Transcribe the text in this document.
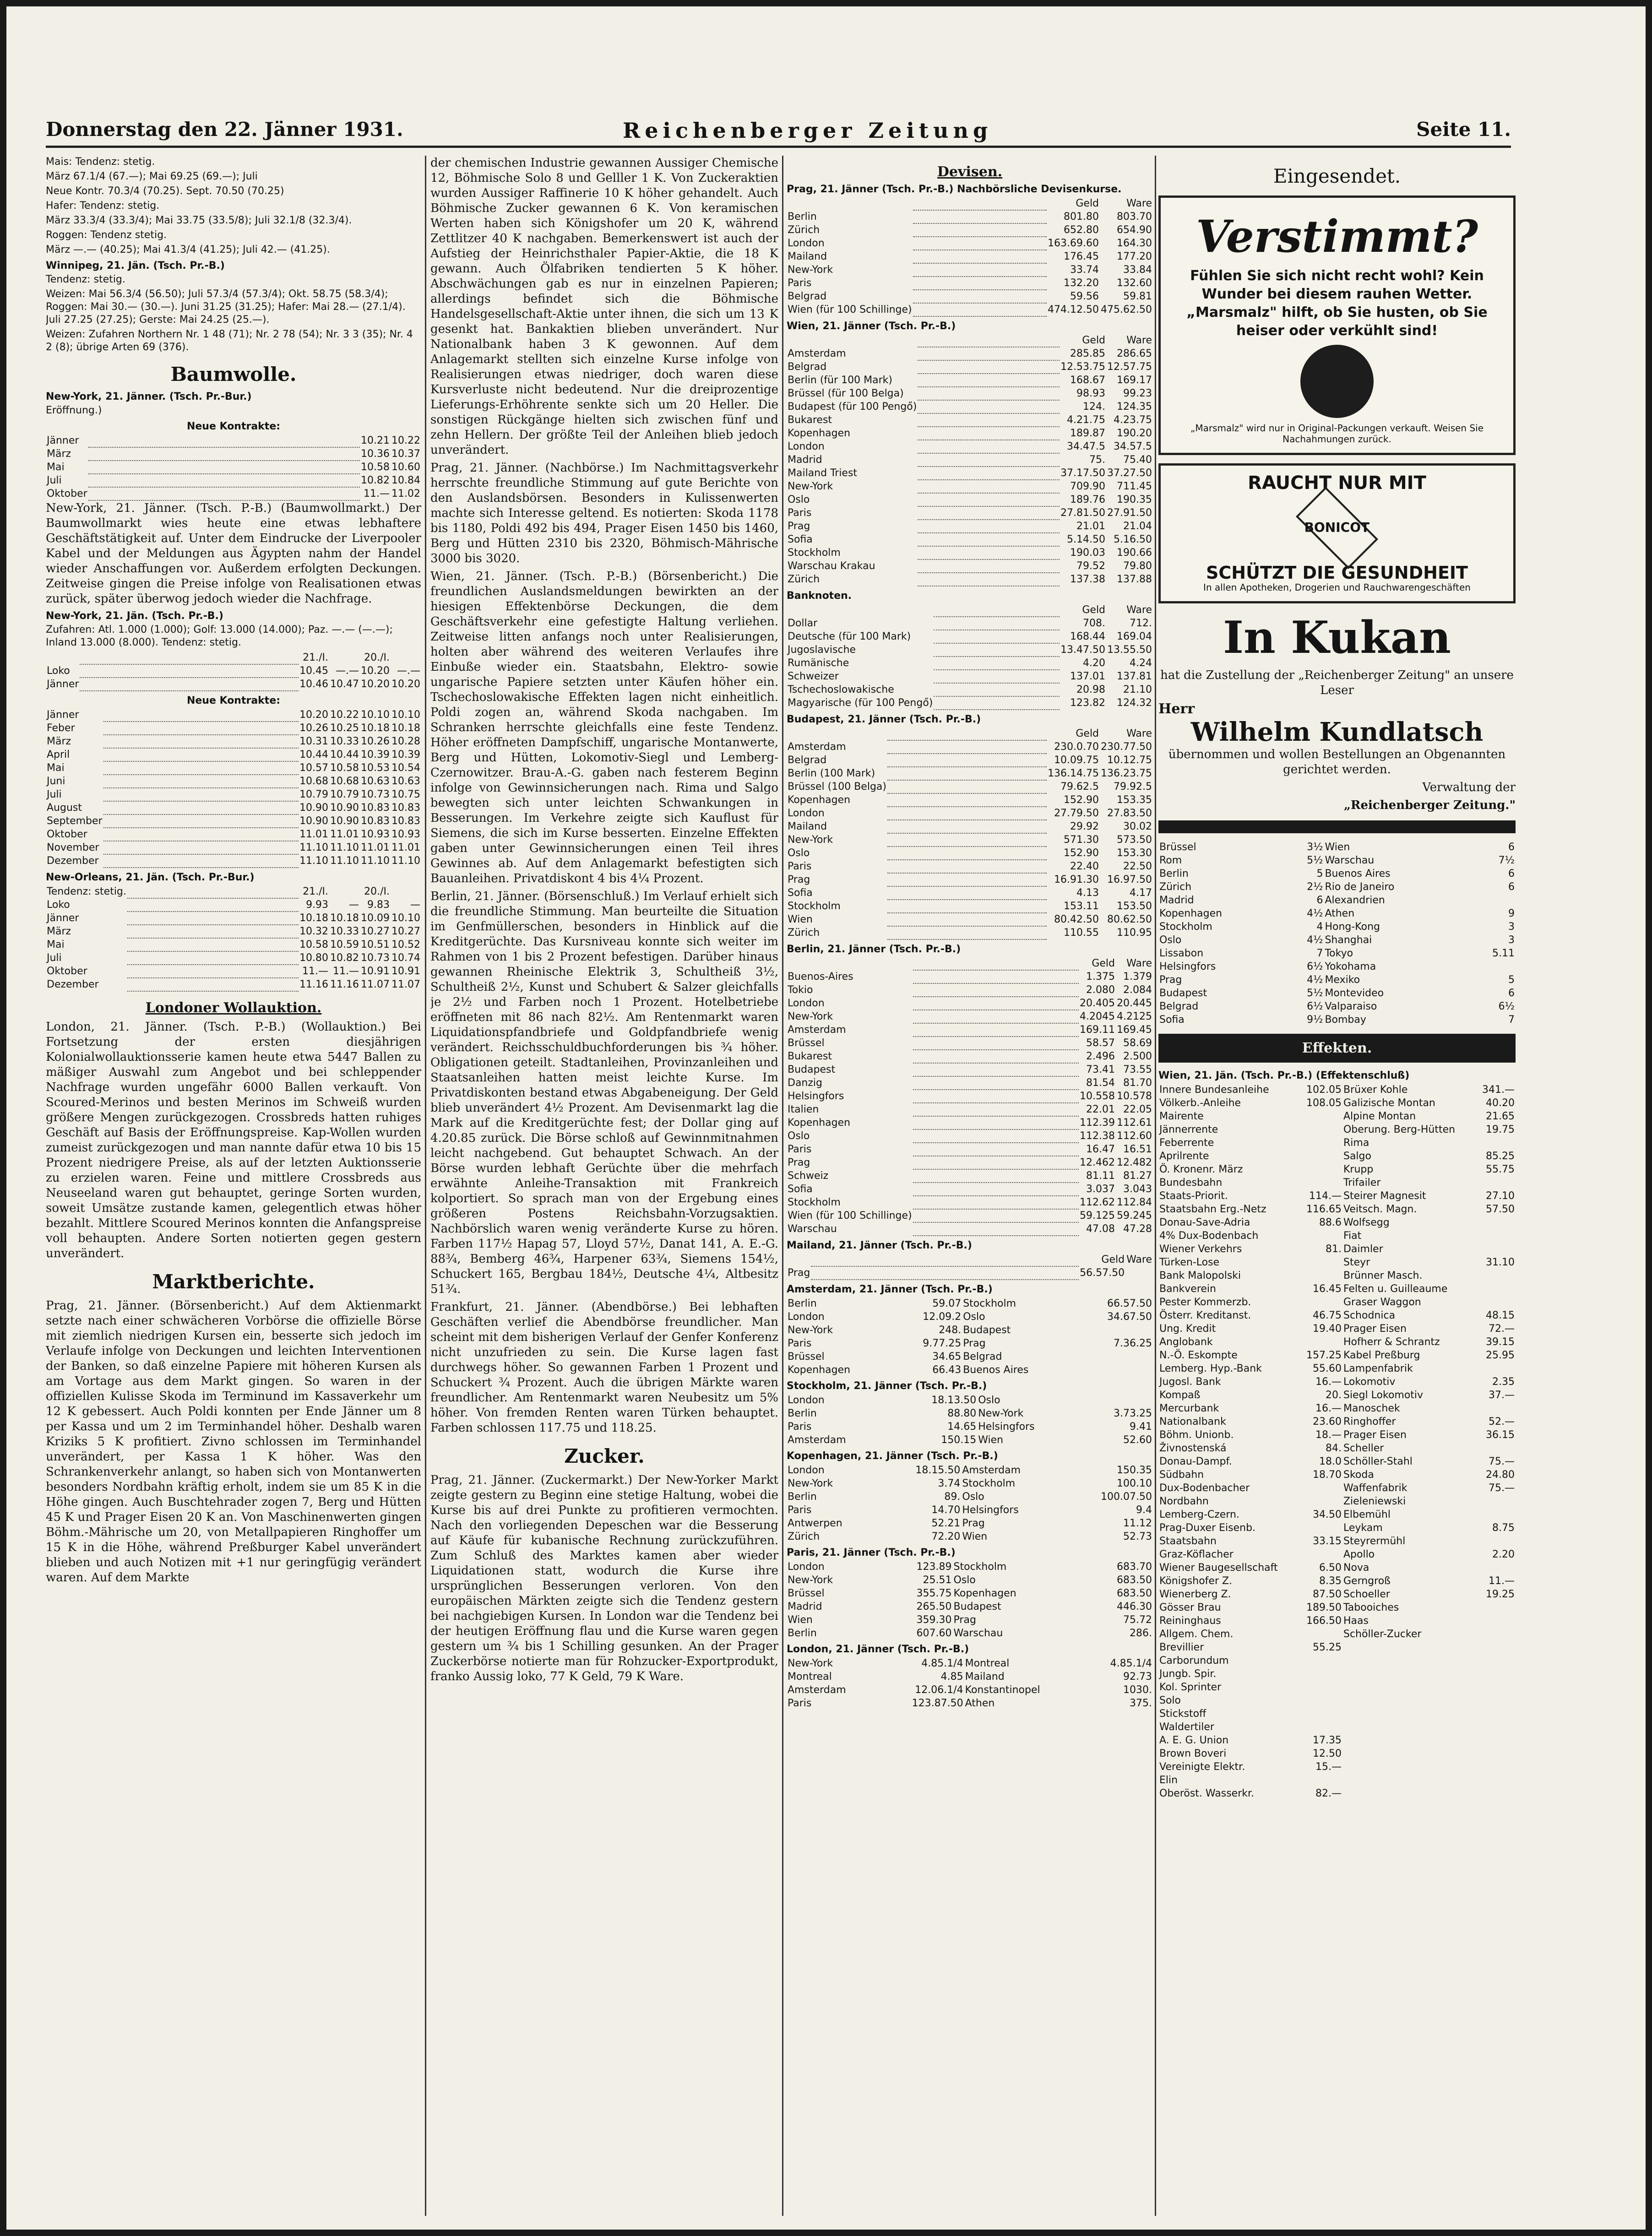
Donnerstag den 22. Jänner 1931.	Reichenberger Zeitung	Seite 11.
Mais: Tendenz: stetig.
März 67.1/4 (67.—); Mai 69.25 (69.—); Juli
Neue Kontr. 70.3/4 (70.25). Sept. 70.50 (70.25)
Hafer: Tendenz: stetig.
März 33.3/4 (33.3/4); Mai 33.75 (33.5/8); Juli 32.1/8 (32.3/4).
Roggen: Tendenz stetig.
März —.— (40.25); Mai 41.3/4 (41.25); Juli 42.— (41.25).
Winnipeg, 21. Jän. (Tsch. Pr.-B.)
Tendenz: stetig.
Weizen: Mai 56.3/4 (56.50); Juli 57.3/4 (57.3/4); Okt. 58.75 (58.3/4); Roggen: Mai 30.— (30.—). Juni 31.25 (31.25); Hafer: Mai 28.— (27.1/4). Juli 27.25 (27.25); Gerste: Mai 24.25 (25.—).
Weizen: Zufahren Northern Nr. 1 48 (71); Nr. 2 78 (54); Nr. 3 3 (35); Nr. 4 2 (8); übrige Arten 69 (376).
Baumwolle.
New-York, 21. Jänner. (Tsch. Pr.-Bur.)
Eröffnung.)
Neue Kontrakte:
Jänner		10.21	10.22
März		10.36	10.37
Mai		10.58	10.60
Juli		10.82	10.84
Oktober		11.—	11.02

New-York, 21. Jänner. (Tsch. P.-B.) (Baumwollmarkt.) Der Baumwollmarkt wies heute eine etwas lebhaftere Geschäftstätigkeit auf. Unter dem Eindrucke der Liverpooler Kabel und der Meldungen aus Ägypten nahm der Handel wieder Anschaffungen vor. Außerdem erfolgten Deckungen. Zeitweise gingen die Preise infolge von Realisationen etwas zurück, später überwog jedoch wieder die Nachfrage.

New-York, 21. Jän. (Tsch. Pr.-B.)
Zufahren: Atl. 1.000 (1.000); Golf: 13.000 (14.000); Paz. —.— (—.—); Inland 13.000 (8.000). Tendenz: stetig.
		21./I.		20./I.	
Loko		10.45	—.—	10.20	—.—
Jänner		10.46	10.47	10.20	10.20
Neue Kontrakte:
Jänner		10.20	10.22	10.10	10.10
Feber		10.26	10.25	10.18	10.18
März		10.31	10.33	10.26	10.28
April		10.44	10.44	10.39	10.39
Mai		10.57	10.58	10.53	10.54
Juni		10.68	10.68	10.63	10.63
Juli		10.79	10.79	10.73	10.75
August		10.90	10.90	10.83	10.83
September		10.90	10.90	10.83	10.83
Oktober		11.01	11.01	10.93	10.93
November		11.10	11.10	11.01	11.01
Dezember		11.10	11.10	11.10	11.10
New-Orleans, 21. Jän. (Tsch. Pr.-Bur.)
Tendenz: stetig.		21./I.		20./I.	
Loko		9.93	—	9.83	—
Jänner		10.18	10.18	10.09	10.10
März		10.32	10.33	10.27	10.27
Mai		10.58	10.59	10.51	10.52
Juli		10.80	10.82	10.73	10.74
Oktober		11.—	11.—	10.91	10.91
Dezember		11.16	11.16	11.07	11.07
Londoner Wollauktion.

London, 21. Jänner. (Tsch. P.-B.) (Wollauktion.) Bei Fortsetzung der ersten diesjährigen Kolonialwollauktionsserie kamen heute etwa 5447 Ballen zu mäßiger Auswahl zum Angebot und bei schleppender Nachfrage wurden ungefähr 6000 Ballen verkauft. Von Scoured-Merinos und besten Merinos im Schweiß wurden größere Mengen zurückgezogen. Crossbreds hatten ruhiges Geschäft auf Basis der Eröffnungspreise. Kap-Wollen wurden zumeist zurückgezogen und man nannte dafür etwa 10 bis 15 Prozent niedrigere Preise, als auf der letzten Auktionsserie zu erzielen waren. Feine und mittlere Crossbreds aus Neuseeland waren gut behauptet, geringe Sorten wurden, soweit Umsätze zustande kamen, gelegentlich etwas höher bezahlt. Mittlere Scoured Merinos konnten die Anfangspreise voll behaupten. Andere Sorten notierten gegen gestern unverändert.

Marktberichte.

Prag, 21. Jänner. (Börsenbericht.) Auf dem Aktienmarkt setzte nach einer schwächeren Vorbörse die offizielle Börse mit ziemlich niedrigen Kursen ein, besserte sich jedoch im Verlaufe infolge von Deckungen und leichten Interventionen der Banken, so daß einzelne Papiere mit höheren Kursen als am Vortage aus dem Markt gingen. So waren in der offiziellen Kulisse Skoda im Terminund im Kassaverkehr um 12 K gebessert. Auch Poldi konnten per Ende Jänner um 8 per Kassa und um 2 im Terminhandel höher. Deshalb waren Kriziks 5 K profitiert. Zivno schlossen im Terminhandel unverändert, per Kassa 1 K höher. Was den Schrankenverkehr anlangt, so haben sich von Montanwerten besonders Nordbahn kräftig erholt, indem sie um 85 K in die Höhe gingen. Auch Buschtehrader zogen 7, Berg und Hütten 45 K und Prager Eisen 20 K an. Von Maschinenwerten gingen Böhm.-Mährische um 20, von Metallpapieren Ringhoffer um 15 K in die Höhe, während Preßburger Kabel unverändert blieben und auch Notizen mit +1 nur geringfügig verändert waren. Auf dem Markte

der chemischen Industrie gewannen Aussiger Chemische 12, Böhmische Solo 8 und Gelller 1 K. Von Zuckeraktien wurden Aussiger Raffinerie 10 K höher gehandelt. Auch Böhmische Zucker gewannen 6 K. Von keramischen Werten haben sich Königshofer um 20 K, während Zettlitzer 40 K nachgaben. Bemerkenswert ist auch der Aufstieg der Heinrichsthaler Papier-Aktie, die 18 K gewann. Auch Ölfabriken tendierten 5 K höher. Abschwächungen gab es nur in einzelnen Papieren; allerdings befindet sich die Böhmische Handelsgesellschaft-Aktie unter ihnen, die sich um 13 K gesenkt hat. Bankaktien blieben unverändert. Nur Nationalbank haben 3 K gewonnen. Auf dem Anlagemarkt stellten sich einzelne Kurse infolge von Realisierungen etwas niedriger, doch waren diese Kursverluste nicht bedeutend. Nur die dreiprozentige Lieferungs-Erhöhrente senkte sich um 20 Heller. Die sonstigen Rückgänge hielten sich zwischen fünf und zehn Hellern. Der größte Teil der Anleihen blieb jedoch unverändert.

Prag, 21. Jänner. (Nachbörse.) Im Nachmittagsverkehr herrschte freundliche Stimmung auf gute Berichte von den Auslandsbörsen. Besonders in Kulissenwerten machte sich Interesse geltend. Es notierten: Skoda 1178 bis 1180, Poldi 492 bis 494, Prager Eisen 1450 bis 1460, Berg und Hütten 2310 bis 2320, Böhmisch-Mährische 3000 bis 3020.

Wien, 21. Jänner. (Tsch. P.-B.) (Börsenbericht.) Die freundlichen Auslandsmeldungen bewirkten an der hiesigen Effektenbörse Deckungen, die dem Geschäftsverkehr eine gefestigte Haltung verliehen. Zeitweise litten anfangs noch unter Realisierungen, holten aber während des weiteren Verlaufes ihre Einbuße wieder ein. Staatsbahn, Elektro- sowie ungarische Papiere setzten unter Käufen höher ein. Tschechoslowakische Effekten lagen nicht einheitlich. Poldi zogen an, während Skoda nachgaben. Im Schranken herrschte gleichfalls eine feste Tendenz. Höher eröffneten Dampfschiff, ungarische Montanwerte, Berg und Hütten, Lokomotiv-Siegl und Lemberg-Czernowitzer. Brau-A.-G. gaben nach festerem Beginn infolge von Gewinnsicherungen nach. Rima und Salgo bewegten sich unter leichten Schwankungen in Besserungen. Im Verkehre zeigte sich Kauflust für Siemens, die sich im Kurse besserten. Einzelne Effekten gaben unter Gewinnsicherungen einen Teil ihres Gewinnes ab. Auf dem Anlagemarkt befestigten sich Bauanleihen. Privatdiskont 4 bis 4¼ Prozent.

Berlin, 21. Jänner. (Börsenschluß.) Im Verlauf erhielt sich die freundliche Stimmung. Man beurteilte die Situation im Genfmüllerschen, besonders in Hinblick auf die Kreditgerüchte. Das Kursniveau konnte sich weiter im Rahmen von 1 bis 2 Prozent befestigen. Darüber hinaus gewannen Rheinische Elektrik 3, Schultheiß 3½, Schultheiß 2½, Kunst und Schubert & Salzer gleichfalls je 2½ und Farben noch 1 Prozent. Hotelbetriebe eröffneten mit 86 nach 82½. Am Rentenmarkt waren Liquidationspfandbriefe und Goldpfandbriefe wenig verändert. Reichsschuldbuchforderungen bis ¾ höher. Obligationen geteilt. Stadtanleihen, Provinzanleihen und Staatsanleihen hatten meist leichte Kurse. Im Privatdiskonten bestand etwas Abgabeneigung. Der Geld blieb unverändert 4½ Prozent. Am Devisenmarkt lag die Mark auf die Kreditgerüchte fest; der Dollar ging auf 4.20.85 zurück. Die Börse schloß auf Gewinnmitnahmen leicht nachgebend. Gut behauptet Schwach. An der Börse wurden lebhaft Gerüchte über die mehrfach erwähnte Anleihe-Transaktion mit Frankreich kolportiert. So sprach man von der Ergebung eines größeren Postens Reichsbahn-Vorzugsaktien. Nachbörslich waren wenig veränderte Kurse zu hören. Farben 117½ Hapag 57, Lloyd 57½, Danat 141, A. E.-G. 88¾, Bemberg 46¾, Harpener 63¾, Siemens 154½, Schuckert 165, Bergbau 184½, Deutsche 4¼, Altbesitz 51¾.

Frankfurt, 21. Jänner. (Abendbörse.) Bei lebhaften Geschäften verlief die Abendbörse freundlicher. Man scheint mit dem bisherigen Verlauf der Genfer Konferenz nicht unzufrieden zu sein. Die Kurse lagen fast durchwegs höher. So gewannen Farben 1 Prozent und Schuckert ¾ Prozent. Auch die übrigen Märkte waren freundlicher. Am Rentenmarkt waren Neubesitz um 5% höher. Von fremden Renten waren Türken behauptet. Farben schlossen 117.75 und 118.25.

Zucker.

Prag, 21. Jänner. (Zuckermarkt.) Der New-Yorker Markt zeigte gestern zu Beginn eine stetige Haltung, wobei die Kurse bis auf drei Punkte zu profitieren vermochten. Nach den vorliegenden Depeschen war die Besserung auf Käufe für kubanische Rechnung zurückzuführen. Zum Schluß des Marktes kamen aber wieder Liquidationen statt, wodurch die Kurse ihre ursprünglichen Besserungen verloren. Von den europäischen Märkten zeigte sich die Tendenz gestern bei nachgiebigen Kursen. In London war die Tendenz bei der heutigen Eröffnung flau und die Kurse waren gegen gestern um ¾ bis 1 Schilling gesunken. An der Prager Zuckerbörse notierte man für Rohzucker-Exportprodukt, franko Aussig loko, 77 K Geld, 79 K Ware.

Devisen.
Prag, 21. Jänner (Tsch. Pr.-B.) Nachbörsliche Devisenkurse.
		Geld	Ware
Berlin		801.80	803.70
Zürich		652.80	654.90
London		163.69.60	164.30
Mailand		176.45	177.20
New-York		33.74	33.84
Paris		132.20	132.60
Belgrad		59.56	59.81
Wien (für 100 Schillinge)		474.12.50	475.62.50
Wien, 21. Jänner (Tsch. Pr.-B.)
		Geld	Ware
Amsterdam		285.85	286.65
Belgrad		12.53.75	12.57.75
Berlin (für 100 Mark)		168.67	169.17
Brüssel (für 100 Belga)		98.93	99.23
Budapest (für 100 Pengő)		124.	124.35
Bukarest		4.21.75	4.23.75
Kopenhagen		189.87	190.20
London		34.47.5	34.57.5
Madrid		75.	75.40
Mailand Triest		37.17.50	37.27.50
New-York		709.90	711.45
Oslo		189.76	190.35
Paris		27.81.50	27.91.50
Prag		21.01	21.04
Sofia		5.14.50	5.16.50
Stockholm		190.03	190.66
Warschau Krakau		79.52	79.80
Zürich		137.38	137.88
Banknoten.
		Geld	Ware
Dollar		708.	712.
Deutsche (für 100 Mark)		168.44	169.04
Jugoslavische		13.47.50	13.55.50
Rumänische		4.20	4.24
Schweizer		137.01	137.81
Tschechoslowakische		20.98	21.10
Magyarische (für 100 Pengő)		123.82	124.32
Budapest, 21. Jänner (Tsch. Pr.-B.)
		Geld	Ware
Amsterdam		230.0.70	230.77.50
Belgrad		10.09.75	10.12.75
Berlin (100 Mark)		136.14.75	136.23.75
Brüssel (100 Belga)		79.62.5	79.92.5
Kopenhagen		152.90	153.35
London		27.79.50	27.83.50
Mailand		29.92	30.02
New-York		571.30	573.50
Oslo		152.90	153.30
Paris		22.40	22.50
Prag		16.91.30	16.97.50
Sofia		4.13	4.17
Stockholm		153.11	153.50
Wien		80.42.50	80.62.50
Zürich		110.55	110.95
Berlin, 21. Jänner (Tsch. Pr.-B.)
		Geld	Ware
Buenos-Aires		1.375	1.379
Tokio		2.080	2.084
London		20.405	20.445
New-York		4.2045	4.2125
Amsterdam		169.11	169.45
Brüssel		58.57	58.69
Bukarest		2.496	2.500
Budapest		73.41	73.55
Danzig		81.54	81.70
Helsingfors		10.558	10.578
Italien		22.01	22.05
Kopenhagen		112.39	112.61
Oslo		112.38	112.60
Paris		16.47	16.51
Prag		12.462	12.482
Schweiz		81.11	81.27
Sofia		3.037	3.043
Stockholm		112.62	112.84
Wien (für 100 Schillinge)		59.125	59.245
Warschau		47.08	47.28
Mailand, 21. Jänner (Tsch. Pr.-B.)
		Geld	Ware
Prag		56.57.50	
Amsterdam, 21. Jänner (Tsch. Pr.-B.)
Berlin	59.07	Stockholm	66.57.50
London	12.09.2	Oslo	34.67.50
New-York	248.	Budapest	
Paris	9.77.25	Prag	7.36.25
Brüssel	34.65	Belgrad	
Kopenhagen	66.43	Buenos Aires	
Stockholm, 21. Jänner (Tsch. Pr.-B.)
London	18.13.50	Oslo	
Berlin	88.80	New-York	3.73.25
Paris	14.65	Helsingfors	9.41
Amsterdam	150.15	Wien	52.60
Kopenhagen, 21. Jänner (Tsch. Pr.-B.)
London	18.15.50	Amsterdam	150.35
New-York	3.74	Stockholm	100.10
Berlin	89.	Oslo	100.07.50
Paris	14.70	Helsingfors	9.4
Antwerpen	52.21	Prag	11.12
Zürich	72.20	Wien	52.73
Paris, 21. Jänner (Tsch. Pr.-B.)
London	123.89	Stockholm	683.70
New-York	25.51	Oslo	683.50
Brüssel	355.75	Kopenhagen	683.50
Madrid	265.50	Budapest	446.30
Wien	359.30	Prag	75.72
Berlin	607.60	Warschau	286.
London, 21. Jänner (Tsch. Pr.-B.)
New-York	4.85.1/4	Montreal	4.85.1/4
Montreal	4.85	Mailand	92.73
Amsterdam	12.06.1/4	Konstantinopel	1030.
Paris	123.87.50	Athen	375.
Eingesendet.
Verstimmt?
Fühlen Sie sich nicht recht wohl? Kein Wunder bei diesem rauhen Wetter. „Marsmalz" hilft, ob Sie husten, ob Sie heiser oder verkühlt sind!
„Marsmalz" wird nur in Original-Packungen verkauft. Weisen Sie Nachahmungen zurück.
RAUCHT NUR MIT
BONICOT
SCHÜTZT DIE GESUNDHEIT
In allen Apotheken, Drogerien und Rauchwarengeschäften
In Kukan

hat die Zustellung der „Reichenberger Zeitung" an unsere Leser

Herr
Wilhelm Kundlatsch

übernommen und wollen Bestellungen an Obgenannten gerichtet werden.

Verwaltung der

„Reichenberger Zeitung."

Brüssel	3½	Wien	6
Rom	5½	Warschau	7½
Berlin	5	Buenos Aires	6
Zürich	2½	Rio de Janeiro	6
Madrid	6	Alexandrien	
Kopenhagen	4½	Athen	9
Stockholm	4	Hong-Kong	3
Oslo	4½	Shanghai	3
Lissabon	7	Tokyo	5.11
Helsingfors	6½	Yokohama	
Prag	4½	Mexiko	5
Budapest	5½	Montevideo	6
Belgrad	6½	Valparaiso	6½
Sofia	9½	Bombay	7
Effekten.
Wien, 21. Jän. (Tsch. Pr.-B.) (Effektenschluß)
Innere Bundesanleihe	102.05	Brüxer Kohle	341.—
Völkerb.-Anleihe	108.05	Galizische Montan	40.20
Mairente		Alpine Montan	21.65
Jännerrente		Oberung. Berg-Hütten	19.75
Feberrente		Rima	
Aprilrente		Salgo	85.25
Ö. Kronenr. März		Krupp	55.75
Bundesbahn		Trifailer	
Staats-Priorit.	114.—	Steirer Magnesit	27.10
Staatsbahn Erg.-Netz	116.65	Veitsch. Magn.	57.50
Donau-Save-Adria	88.6	Wolfsegg	
4% Dux-Bodenbach		Fiat	
Wiener Verkehrs	81.	Daimler	
Türken-Lose		Steyr	31.10
Bank Malopolski		Brünner Masch.	
Bankverein	16.45	Felten u. Guilleaume	
Pester Kommerzb.		Graser Waggon	
Österr. Kreditanst.	46.75	Schodnica	48.15
Ung. Kredit	19.40	Prager Eisen	72.—
Anglobank		Hofherr & Schrantz	39.15
N.-Ö. Eskompte	157.25	Kabel Preßburg	25.95
Lemberg. Hyp.-Bank	55.60	Lampenfabrik	
Jugosl. Bank	16.—	Lokomotiv	2.35
Kompaß	20.	Siegl Lokomotiv	37.—
Mercurbank	16.—	Manoschek	
Nationalbank	23.60	Ringhoffer	52.—
Böhm. Unionb.	18.—	Prager Eisen	36.15
Živnostenská	84.	Scheller	
Donau-Dampf.	18.0	Schöller-Stahl	75.—
Südbahn	18.70	Skoda	24.80
Dux-Bodenbacher		Waffenfabrik	75.—
Nordbahn		Zieleniewski	
Lemberg-Czern.	34.50	Elbemühl	
Prag-Duxer Eisenb.		Leykam	8.75
Staatsbahn	33.15	Steyrermühl	
Graz-Köflacher		Apollo	2.20
Wiener Baugesellschaft	6.50	Nova	
Königshofer Z.	8.35	Gerngroß	11.—
Wienerberg Z.	87.50	Schoeller	19.25
Gösser Brau	189.50	Tabooiches	
Reininghaus	166.50	Haas	
Allgem. Chem.		Schöller-Zucker	
Brevillier	55.25		
Carborundum			
Jungb. Spir.			
Kol. Sprinter			
Solo			
Stickstoff			
Waldertiler			
A. E. G. Union	17.35		
Brown Boveri	12.50		
Vereinigte Elektr.	15.—		
Elin			
Oberöst. Wasserkr.	82.—		
